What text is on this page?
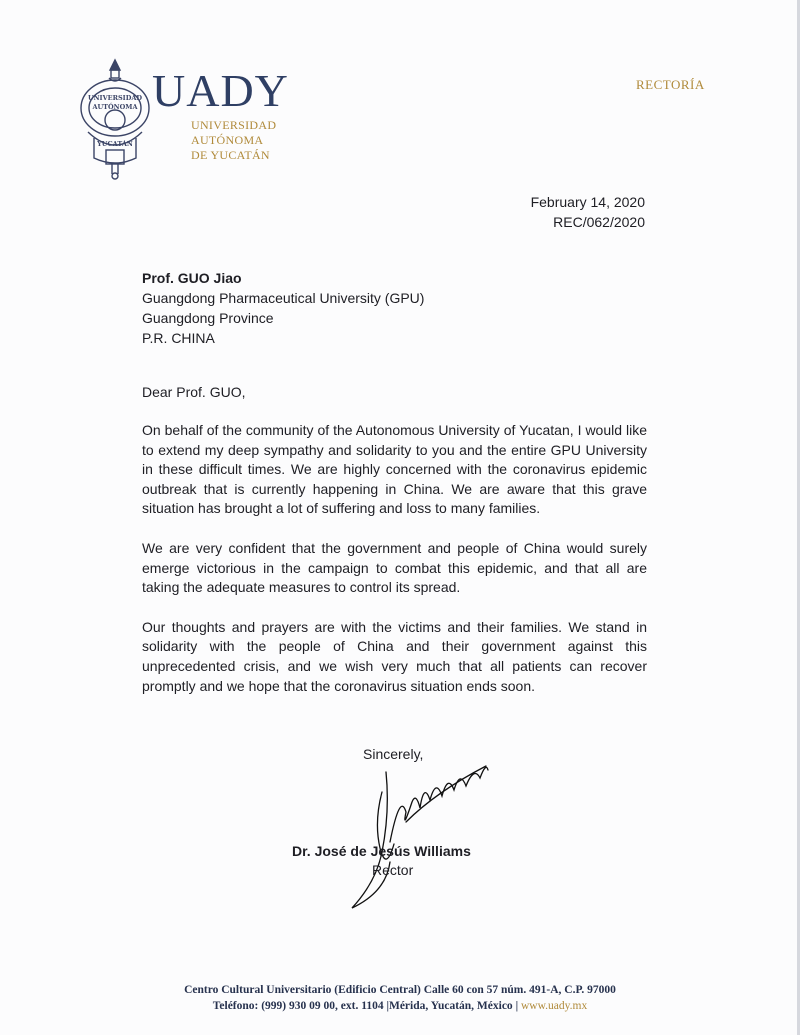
UNIVERSIDAD
AUTÓNOMA
YUCATÁN
UADY
UNIVERSIDAD
AUTÓNOMA
DE YUCATÁN
RECTORÍA
February 14, 2020
REC/062/2020
Prof. GUO Jiao
Guangdong Pharmaceutical University (GPU)
Guangdong Province
P.R. CHINA
Dear Prof. GUO,

On behalf of the community of the Autonomous University of Yucatan, I would like to extend my deep sympathy and solidarity to you and the entire GPU University in these difficult times. We are highly concerned with the coronavirus epidemic outbreak that is currently happening in China. We are aware that this grave situation has brought a lot of suffering and loss to many families.

We are very confident that the government and people of China would surely emerge victorious in the campaign to combat this epidemic, and that all are taking the adequate measures to control its spread.

Our thoughts and prayers are with the victims and their families. We stand in solidarity with the people of China and their government against this unprecedented crisis, and we wish very much that all patients can recover promptly and we hope that the coronavirus situation ends soon.

Sincerely,
Dr. José de Jesús Williams
Rector
Centro Cultural Universitario (Edificio Central) Calle 60 con 57 núm. 491-A, C.P. 97000
Teléfono: (999) 930 09 00, ext. 1104 |Mérida, Yucatán, México | www.uady.mx
